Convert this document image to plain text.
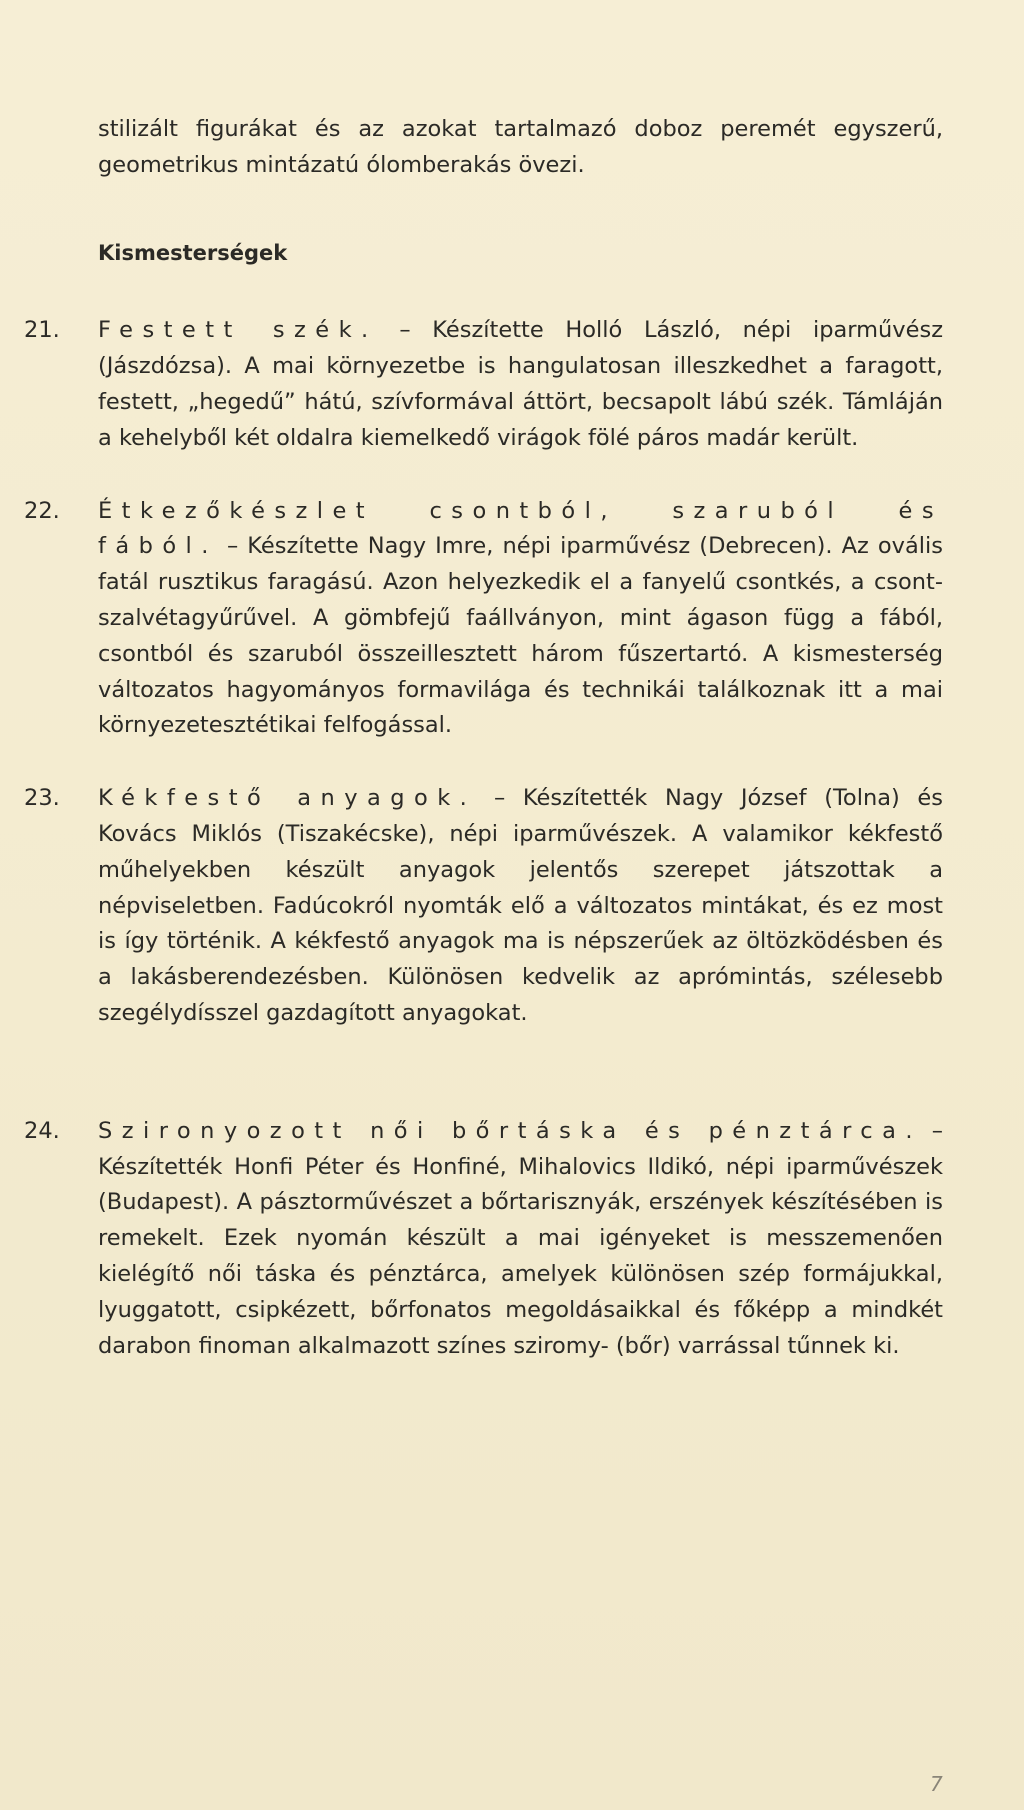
stilizált figurákat és az azokat tartalmazó doboz peremét egyszerű, geometrikus mintázatú ólomberakás övezi.

Kismesterségek
21.	Festett szék. – Készítette Holló László, népi iparművész (Jászdózsa). A mai környezetbe is hangulatosan illeszkedhet a faragott, festett, „hegedű” hátú, szívformával áttört, becsapolt lábú szék. Támláján a kehelyből két oldalra kiemelkedő virágok fölé páros madár került.

22.	Étkezőkészlet csontból, szaruból és fából. – Készítette Nagy Imre, népi iparművész (Debrecen). Az ovális fatál rusztikus faragású. Azon helyezkedik el a fanyelű csontkés, a csont-szalvétagyűrűvel. A gömbfejű faállványon, mint ágason függ a fából, csontból és szaruból összeillesztett három fűszertartó. A kismesterség változatos hagyományos formavilága és technikái találkoznak itt a mai környezetesztétikai felfogással.

23.	Kékfestő anyagok. – Készítették Nagy József (Tolna) és Kovács Miklós (Tiszakécske), népi iparművészek. A valamikor kékfestő műhelyekben készült anyagok jelentős szerepet játszottak a népviseletben. Fadúcokról nyomták elő a változatos mintákat, és ez most is így történik. A kékfestő anyagok ma is népszerűek az öltözködésben és a lakásberendezésben. Különösen kedvelik az aprómintás, szélesebb szegélydísszel gazdagított anyagokat.

24.	Szironyozott női bőrtáska és pénztárca. – Készítették Honfi Péter és Honfiné, Mihalovics Ildikó, népi iparművészek (Budapest). A pásztorművészet a bőrtarisznyák, erszények készítésében is remekelt. Ezek nyomán készült a mai igényeket is messzemenően kielégítő női táska és pénztárca, amelyek különösen szép formájukkal, lyuggatott, csipkézett, bőrfonatos megoldásaikkal és főképp a mindkét darabon finoman alkalmazott színes sziromy- (bőr) varrással tűnnek ki.

7
